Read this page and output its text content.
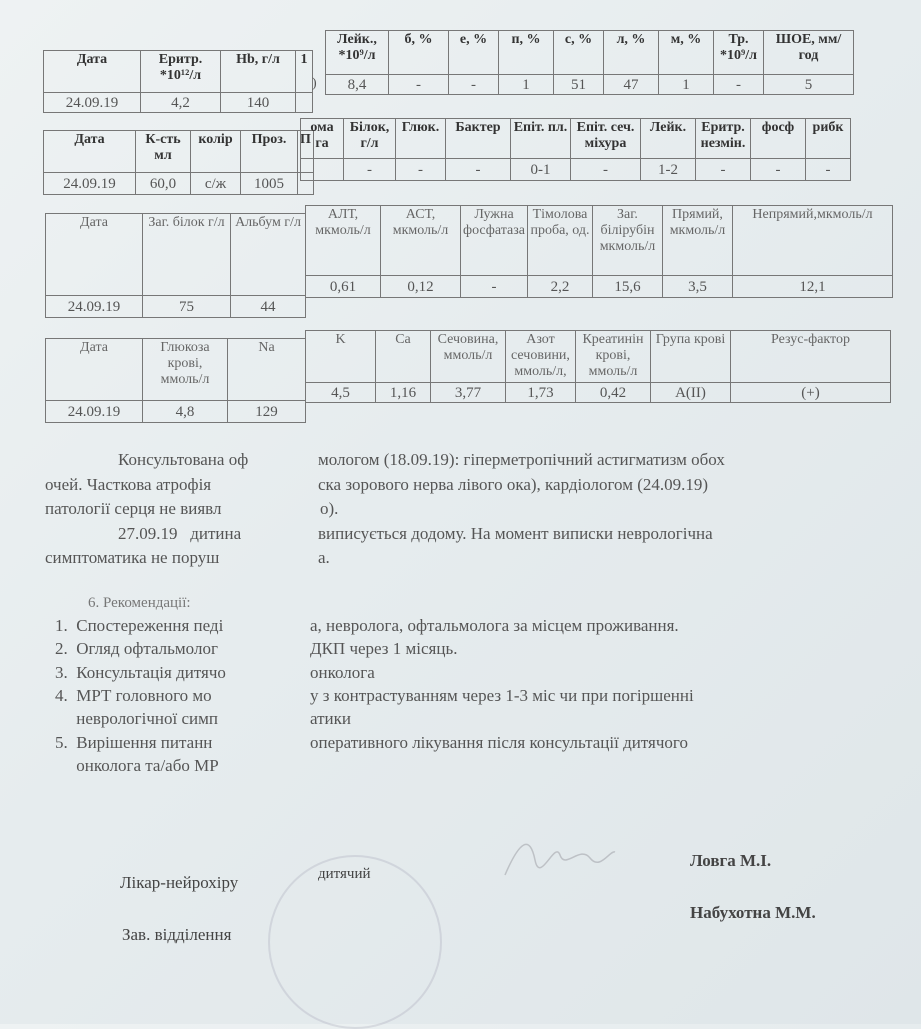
Дата	Еритр. *10¹²/л	Hb, г/л	1
24.09.19	4,2	140	
Лейк., *10⁹/л	б, %	е, %	п, %	с, %	л, %	м, %	Тр. *10⁹/л	ШОЕ, мм/год
8,4	-	-	1	51	47	1	-	5
)
Дата	К-сть мл	колір	Проз.	П
24.09.19	60,0	с/ж	1005	
ома га	Білок, г/л	Глюк.	Бактер	Епіт. пл.	Епіт. сеч. міхура	Лейк.	Еритр. незмін.	фосф	рибк
	-	-	-	0-1	-	1-2	-	-	-
Дата	Заг. білок г/л	Альбум г/л
24.09.19	75	44
АЛТ, мкмоль/л	АСТ, мкмоль/л	Лужна фосфатаза	Тімолова проба, од.	Заг. білірубін мкмоль/л	Прямий, мкмоль/л	Непрямий,мкмоль/л
0,61	0,12	-	2,2	15,6	3,5	12,1
Дата	Глюкоза крові, ммоль/л	Na
24.09.19	4,8	129
K	Ca	Сечовина, ммоль/л	Азот сечовини, ммоль/л,	Креатинін крові, ммоль/л	Група крові	Резус-фактор
4,5	1,16	3,77	1,73	0,42	A(II)	(+)
Консультована оф	мологом (18.09.19): гіперметропічний астигматизм обох
очей. Часткова атрофія	ска зорового нерва лівого ока), кардіологом (24.09.19)
патології серця не виявл	о).
27.09.19   дитина	виписується додому. На момент виписки неврологічна
симптоматика не поруш	а.
6. Рекомендації:
1.  Спостереження педі	а, невролога, офтальмолога за місцем проживання.
2.  Огляд офтальмолог	ДКП через 1 місяць.
3.  Консультація дитячо	онколога
4.  МРТ головного мо	у з контрастуванням через 1-3 міс чи при погіршенні
неврологічної симп	атики
5.  Вирішення питанн	оперативного лікування після консультації дитячого
онколога та/або МР
Лікар-нейрохіру	дитячий
Ловга М.І.
Зав. відділення
Набухотна М.М.
